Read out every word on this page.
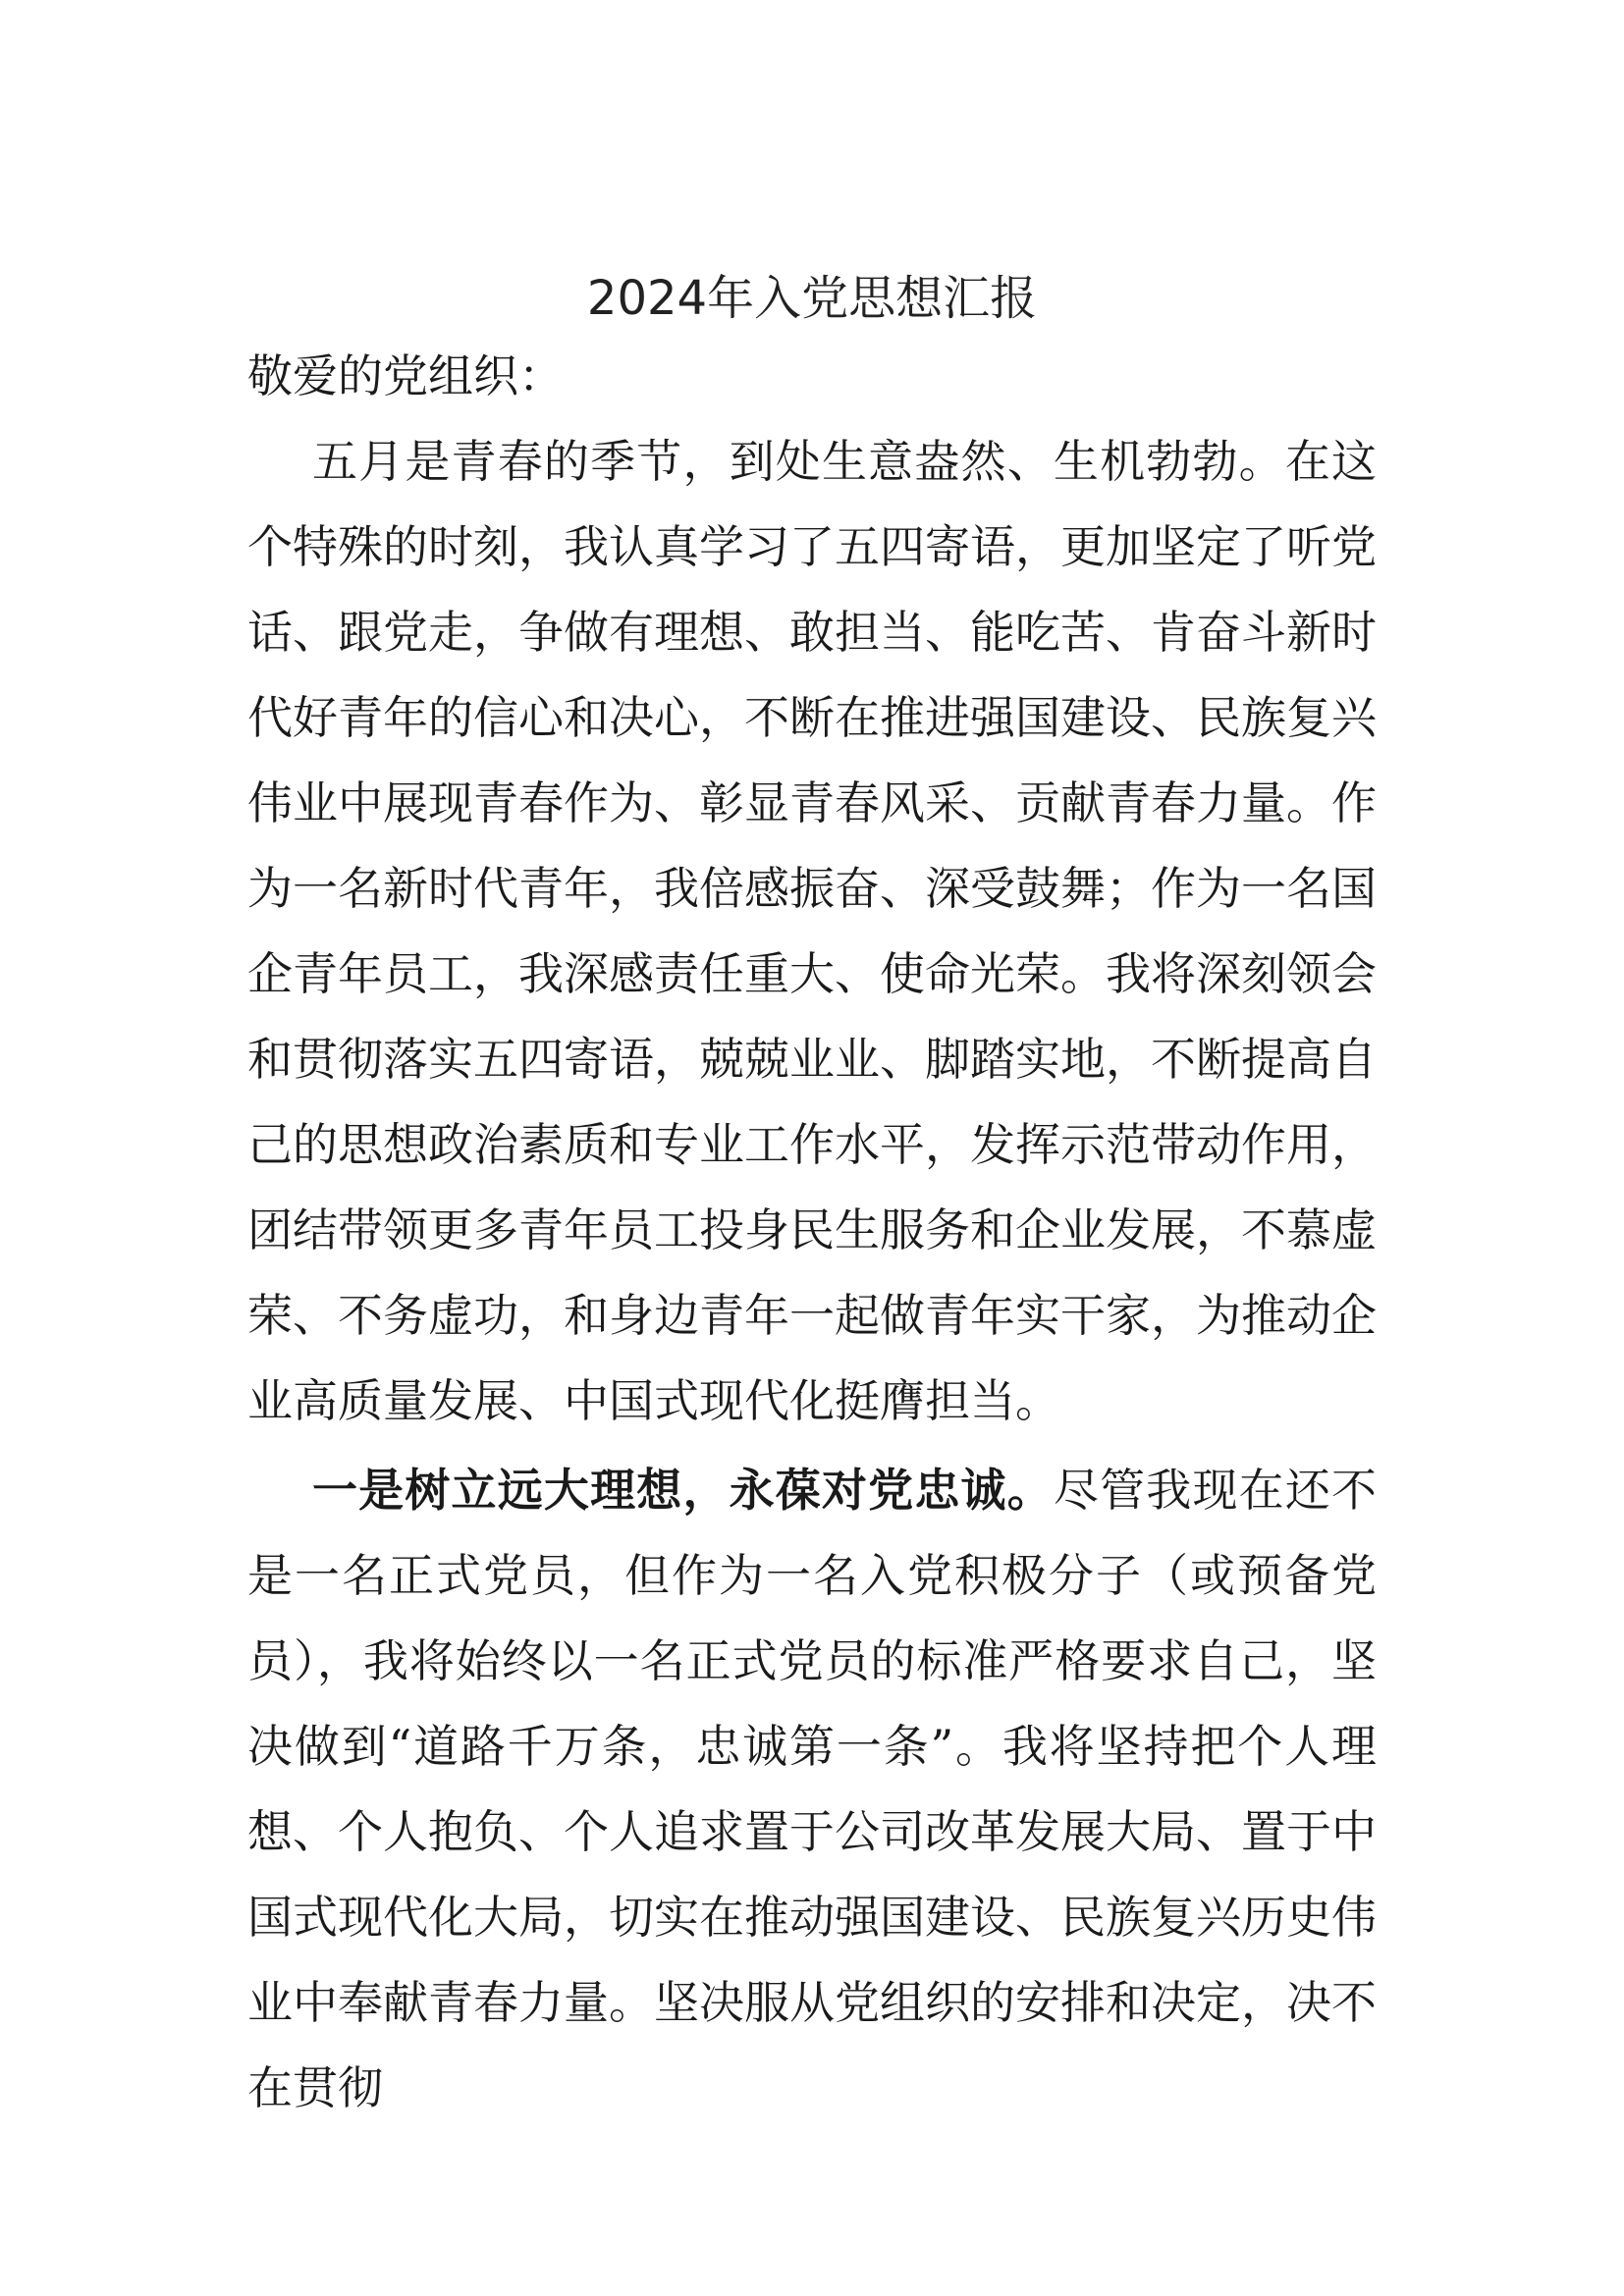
2024年入党思想汇报

敬爱的党组织：

五月是青春的季节，到处生意盎然、生机勃勃。在这个特殊的时刻，我认真学习了五四寄语，更加坚定了听党话、跟党走，争做有理想、敢担当、能吃苦、肯奋斗新时代好青年的信心和决心，不断在推进强国建设、民族复兴伟业中展现青春作为、彰显青春风采、贡献青春力量。作为一名新时代青年，我倍感振奋、深受鼓舞；作为一名国企青年员工，我深感责任重大、使命光荣。我将深刻领会和贯彻落实五四寄语，兢兢业业、脚踏实地，不断提高自己的思想政治素质和专业工作水平，发挥示范带动作用，团结带领更多青年员工投身民生服务和企业发展，不慕虚荣、不务虚功，和身边青年一起做青年实干家，为推动企业高质量发展、中国式现代化挺膺担当。

一是树立远大理想，永葆对党忠诚。尽管我现在还不是一名正式党员，但作为一名入党积极分子（或预备党员），我将始终以一名正式党员的标准严格要求自己，坚决做到“道路千万条，忠诚第一条”。我将坚持把个人理想、个人抱负、个人追求置于公司改革发展大局、置于中国式现代化大局，切实在推动强国建设、民族复兴历史伟业中奉献青春力量。坚决服从党组织的安排和决定，决不在贯彻
